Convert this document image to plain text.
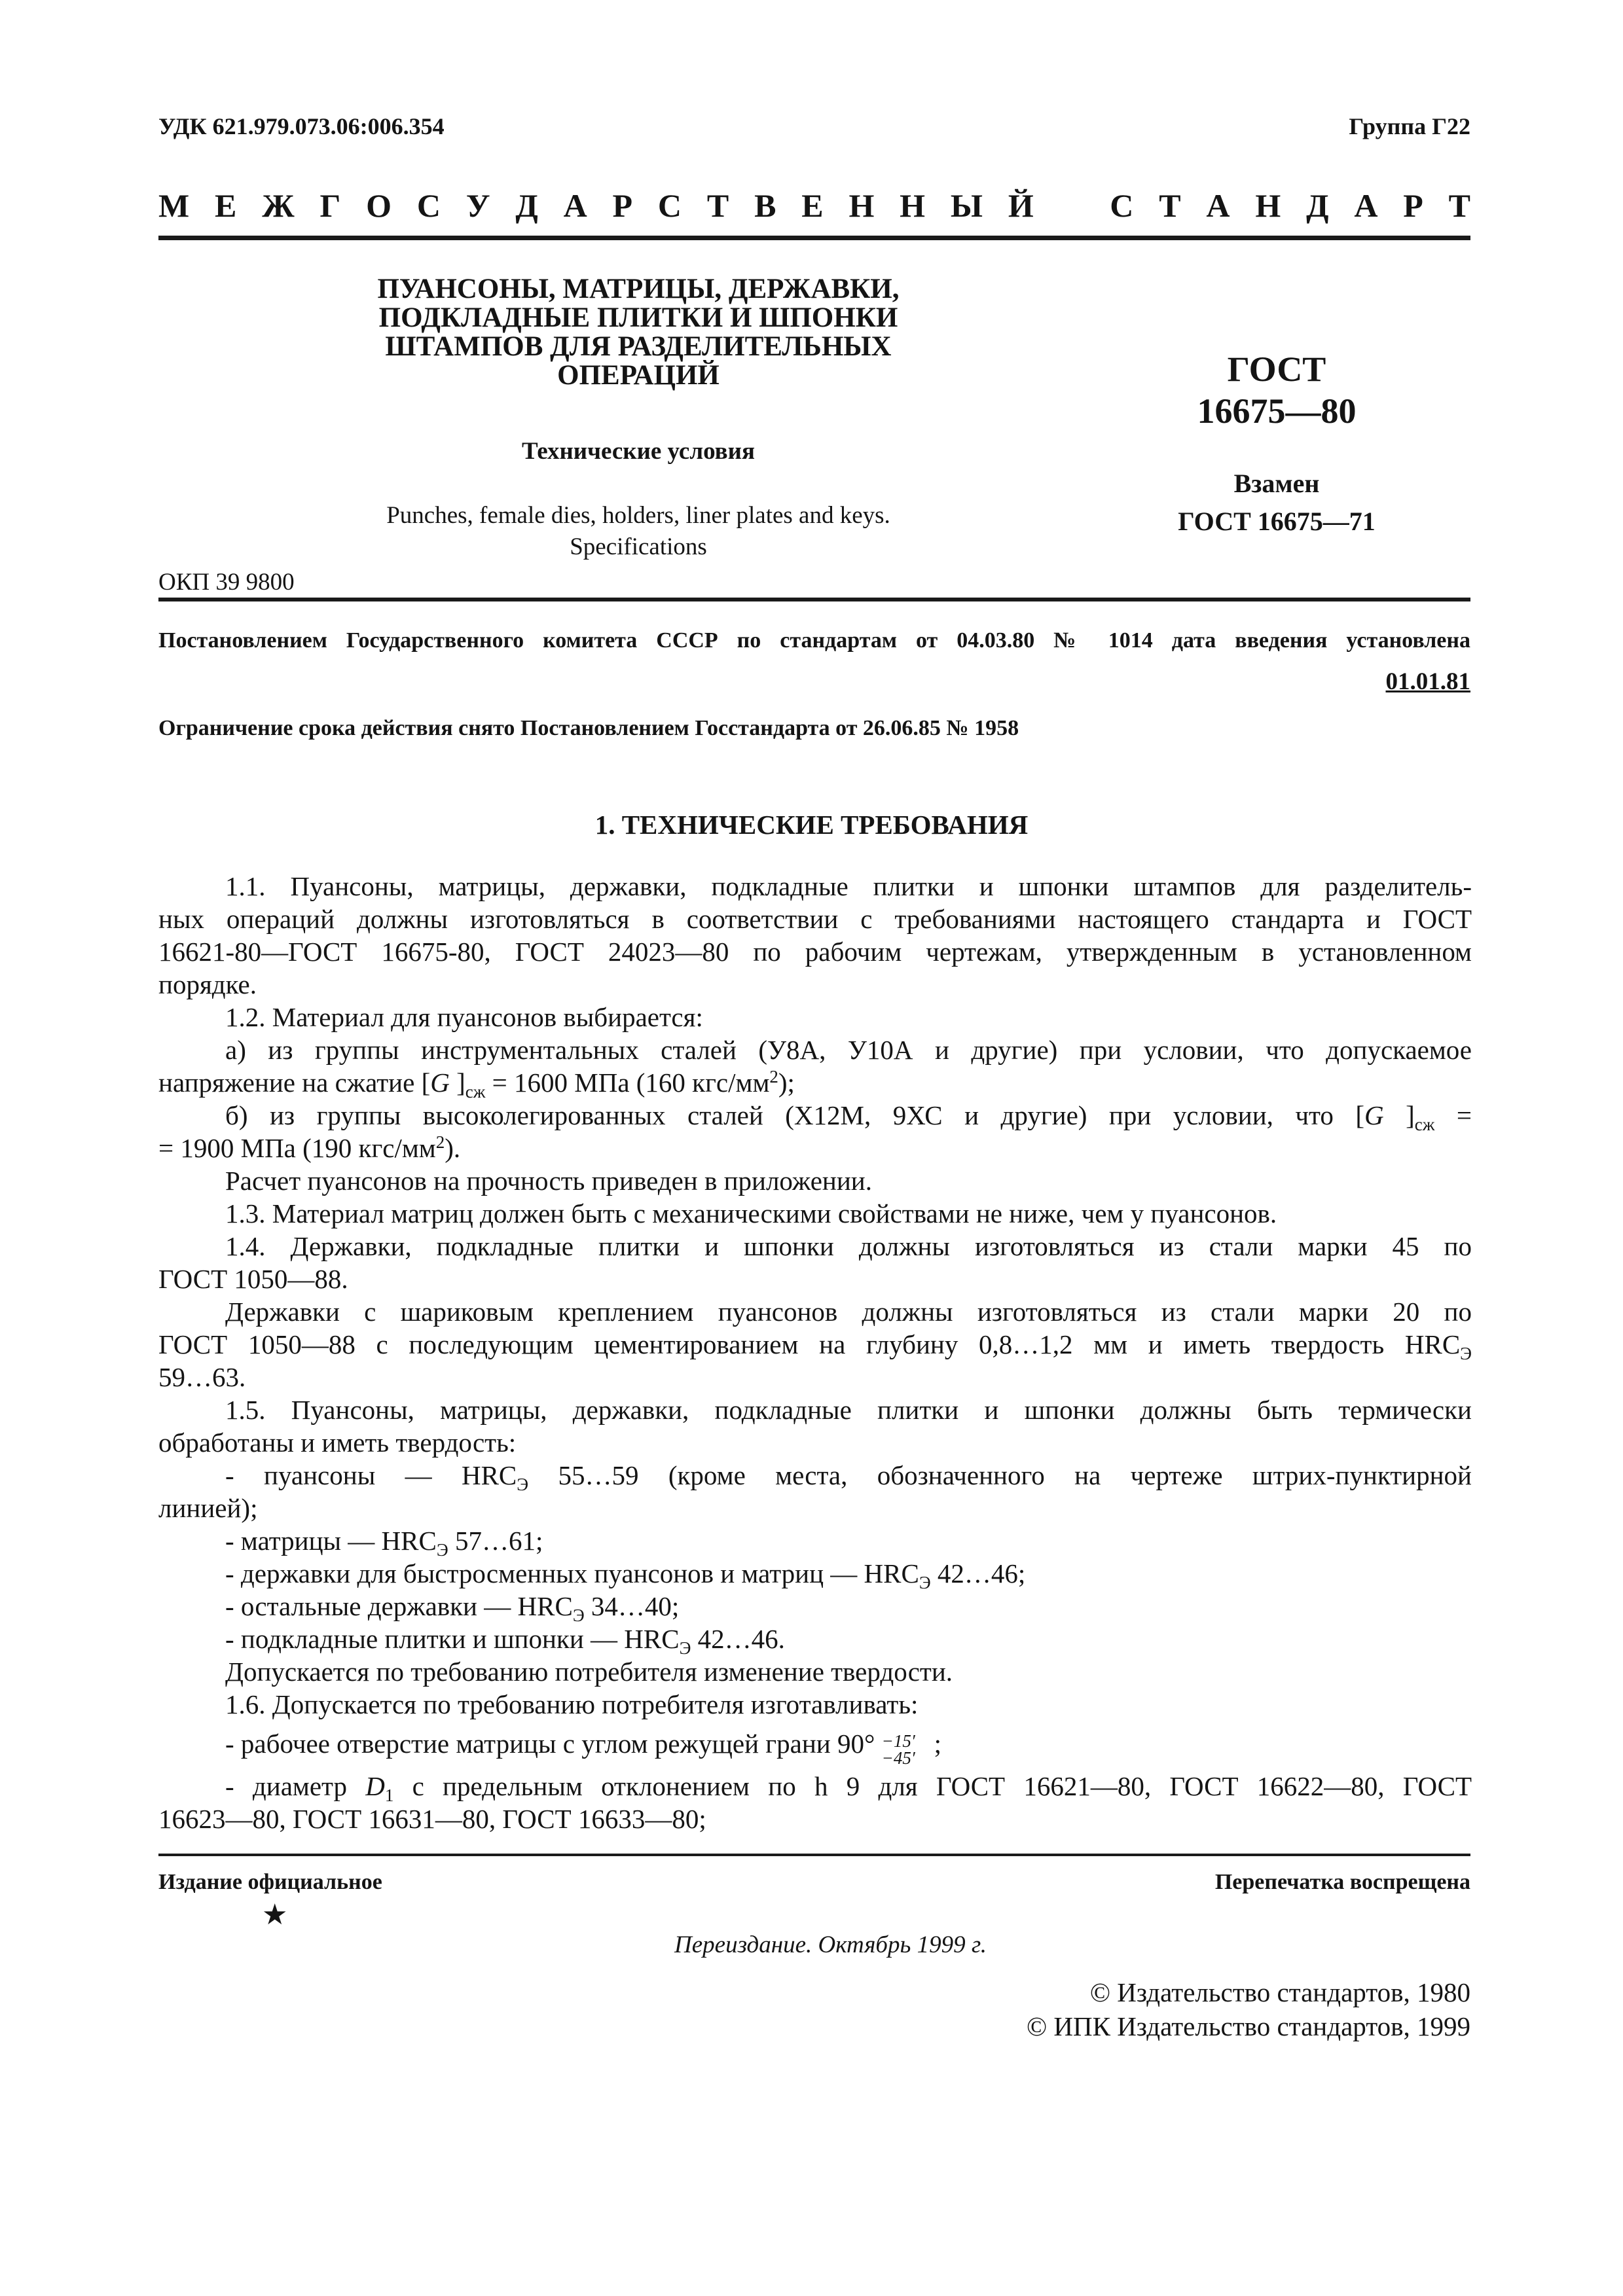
УДК 621.979.073.06:006.354	Группа Г22
М Е Ж Г О С У Д А Р С Т В Е Н Н Ы Й   С Т А Н Д А Р Т
ПУАНСОНЫ, МАТРИЦЫ, ДЕРЖАВКИ,
ПОДКЛАДНЫЕ ПЛИТКИ И ШПОНКИ
ШТАМПОВ ДЛЯ РАЗДЕЛИТЕЛЬНЫХ
ОПЕРАЦИЙ
Технические условия
Punches, female dies, holders, liner plates and keys.
Specifications
ОКП 39 9800
ГОСТ
16675—80
Взамен
ГОСТ 16675—71
Постановлением Государственного комитета СССР по стандартам от 04.03.80 № 1014 дата введения установлена
01.01.81
Ограничение срока действия снято Постановлением Госстандарта от 26.06.85 № 1958
1. ТЕХНИЧЕСКИЕ ТРЕБОВАНИЯ
1.1. Пуансоны, матрицы, державки, подкладные плитки и шпонки штампов для разделитель-
ных операций должны изготовляться в соответствии с требованиями настоящего стандарта и ГОСТ
16621-80—ГОСТ 16675-80, ГОСТ 24023—80 по рабочим чертежам, утвержденным в установленном
порядке.
1.2. Материал для пуансонов выбирается:
а) из группы инструментальных сталей (У8А, У10А и другие) при условии, что допускаемое
напряжение на сжатие [G ]$_{сж} = 1600$ МПа (160 кгс/$мм^2$);
б) из группы высоколегированных сталей (Х12М, 9ХС и другие) при условии, что [G ]$_{сж}$ =
= 1900 МПа (190 кгс/$мм^2$).
Расчет пуансонов на прочность приведен в приложении.
1.3. Материал матриц должен быть с механическими свойствами не ниже, чем у пуансонов.
1.4. Державки, подкладные плитки и шпонки должны изготовляться из стали марки 45 по
ГОСТ 1050—88.
Державки с шариковым креплением пуансонов должны изготовляться из стали марки 20 по
ГОСТ 1050—88 с последующим цементированием на глубину 0,8…1,2 мм и иметь твердость $HRC_Э$
59…63.
1.5. Пуансоны, матрицы, державки, подкладные плитки и шпонки должны быть термически
обработаны и иметь твердость:
- пуансоны — $HRC_Э$ 55…59 (кроме места, обозначенного на чертеже штрих-пунктирной
линией);
- матрицы — $HRC_Э$ 57…61;
- державки для быстросменных пуансонов и матриц — $HRC_Э$ 42…46;
- остальные державки — $HRC_Э$ 34…40;
- подкладные плитки и шпонки — $HRC_Э$ 42…46.
Допускается по требованию потребителя изменение твердости.
1.6. Допускается по требованию потребителя изготавливать:
- рабочее отверстие матрицы с углом режущей грани 90° −15′
−45′ ;
- диаметр $D_1$ с предельным отклонением по h 9 для ГОСТ 16621—80, ГОСТ 16622—80, ГОСТ
16623—80, ГОСТ 16631—80, ГОСТ 16633—80;
Издание официальное	Перепечатка воспрещена
★
Переиздание. Октябрь 1999 г.
© Издательство стандартов, 1980
© ИПК Издательство стандартов, 1999
